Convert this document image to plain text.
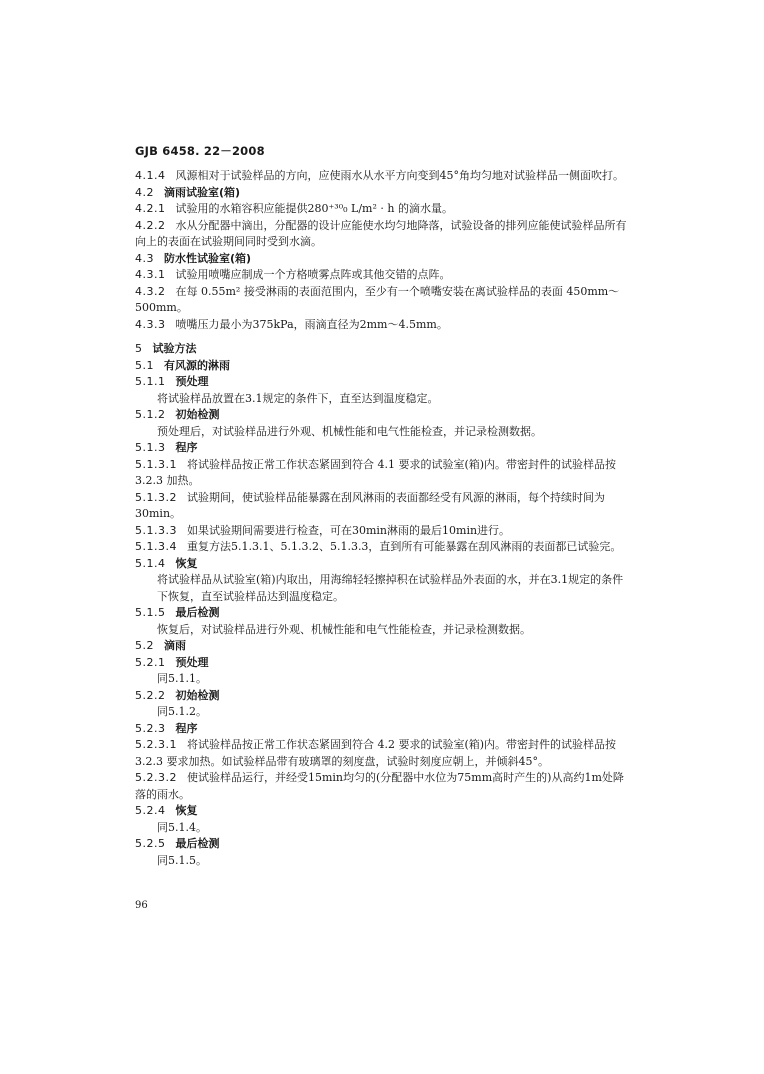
GJB 6458. 22－2008
4.1.4 风源相对于试验样品的方向，应使雨水从水平方向变到45°角均匀地对试验样品一侧面吹打。
4.2 滴雨试验室(箱)
4.2.1 试验用的水箱容积应能提供280⁺³⁰₀ L/m² · h 的滴水量。
4.2.2 水从分配器中滴出，分配器的设计应能使水均匀地降落，试验设备的排列应能使试验样品所有向上的表面在试验期间同时受到水滴。
4.3 防水性试验室(箱)
4.3.1 试验用喷嘴应制成一个方格喷雾点阵或其他交错的点阵。
4.3.2 在每 0.55m² 接受淋雨的表面范围内，至少有一个喷嘴安装在离试验样品的表面 450mm～500mm。
4.3.3 喷嘴压力最小为375kPa，雨滴直径为2mm～4.5mm。
5 试验方法
5.1 有风源的淋雨
5.1.1 预处理
将试验样品放置在3.1规定的条件下，直至达到温度稳定。
5.1.2 初始检测
预处理后，对试验样品进行外观、机械性能和电气性能检查，并记录检测数据。
5.1.3 程序
5.1.3.1 将试验样品按正常工作状态紧固到符合 4.1 要求的试验室(箱)内。带密封件的试验样品按3.2.3 加热。
5.1.3.2 试验期间，使试验样品能暴露在刮风淋雨的表面都经受有风源的淋雨，每个持续时间为30min。
5.1.3.3 如果试验期间需要进行检查，可在30min淋雨的最后10min进行。
5.1.3.4 重复方法5.1.3.1、5.1.3.2、5.1.3.3，直到所有可能暴露在刮风淋雨的表面都已试验完。
5.1.4 恢复
将试验样品从试验室(箱)内取出，用海绵轻轻擦掉积在试验样品外表面的水，并在3.1规定的条件下恢复，直至试验样品达到温度稳定。
5.1.5 最后检测
恢复后，对试验样品进行外观、机械性能和电气性能检查，并记录检测数据。
5.2 滴雨
5.2.1 预处理
同5.1.1。
5.2.2 初始检测
同5.1.2。
5.2.3 程序
5.2.3.1 将试验样品按正常工作状态紧固到符合 4.2 要求的试验室(箱)内。带密封件的试验样品按3.2.3 要求加热。如试验样品带有玻璃罩的刻度盘，试验时刻度应朝上，并倾斜45°。
5.2.3.2 使试验样品运行，并经受15min均匀的(分配器中水位为75mm高时产生的)从高约1m处降落的雨水。
5.2.4 恢复
同5.1.4。
5.2.5 最后检测
同5.1.5。
96
